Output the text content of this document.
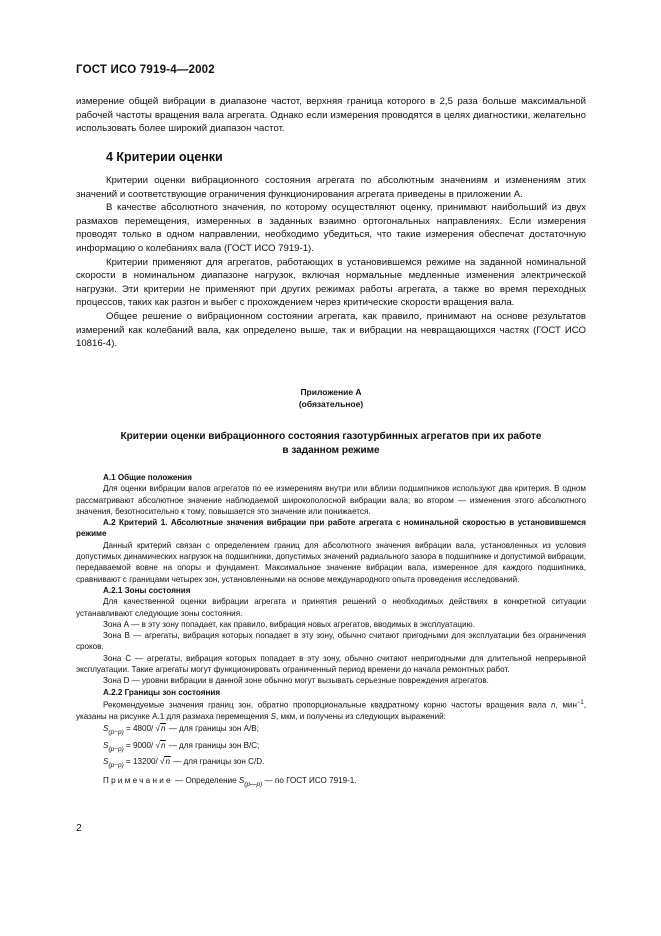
ГОСТ ИСО 7919-4—2002

измерение общей вибрации в диапазоне частот, верхняя граница которого в 2,5 раза больше максимальной рабочей частоты вращения вала агрегата. Однако если измерения проводятся в целях диагностики, желательно использовать более широкий диапазон частот.

4 Критерии оценки

Критерии оценки вибрационного состояния агрегата по абсолютным значениям и изменениям этих значений и соответствующие ограничения функционирования агрегата приведены в приложении А.

В качестве абсолютного значения, по которому осуществляют оценку, принимают наибольший из двух размахов перемещения, измеренных в заданных взаимно ортогональных направлениях. Если измерения проводят только в одном направлении, необходимо убедиться, что такие измерения обеспечат достаточную информацию о колебаниях вала (ГОСТ ИСО 7919-1).

Критерии применяют для агрегатов, работающих в установившемся режиме на заданной номинальной скорости в номинальном диапазоне нагрузок, включая нормальные медленные изменения электрической нагрузки. Эти критерии не применяют при других режимах работы агрегата, а также во время переходных процессов, таких как разгон и выбег с прохождением через критические скорости вращения вала.

Общее решение о вибрационном состоянии агрегата, как правило, принимают на основе результатов измерений как колебаний вала, как определено выше, так и вибрации на невращающихся частях (ГОСТ ИСО 10816-4).

Приложение А
(обязательное)
Критерии оценки вибрационного состояния газотурбинных агрегатов при их работе
в заданном режиме

А.1 Общие положения

Для оценки вибрации валов агрегатов по ее измерениям внутри или вблизи подшипников используют два критерия. В одном рассматривают абсолютное значение наблюдаемой широкополосной вибрации вала; во втором — изменения этого абсолютного значения, безотносительно к тому, повышается это значение или понижается.

А.2 Критерий 1. Абсолютные значения вибрации при работе агрегата с номинальной скоростью в установившемся режиме

Данный критерий связан с определением границ для абсолютного значения вибрации вала, установленных из условия допустимых динамических нагрузок на подшипники, допустимых значений радиального зазора в подшипнике и допустимой вибрации, передаваемой вовне на опоры и фундамент. Максимальное значение вибрации вала, измеренное для каждого подшипника, сравнивают с границами четырех зон, установленными на основе международного опыта проведения исследований.

А.2.1 Зоны состояния

Для качественной оценки вибрации агрегата и принятия решений о необходимых действиях в конкретной ситуации устанавливают следующие зоны состояния.

Зона А — в эту зону попадает, как правило, вибрация новых агрегатов, вводимых в эксплуатацию.

Зона В — агрегаты, вибрация которых попадает в эту зону, обычно считают пригодными для эксплуатации без ограничения сроков.

Зона С — агрегаты, вибрация которых попадает в эту зону, обычно считают непригодными для длительной непрерывной эксплуатации. Такие агрегаты могут функционировать ограниченный период времени до начала ремонтных работ.

Зона D — уровни вибрации в данной зоне обычно могут вызывать серьезные повреждения агрегатов.

А.2.2 Границы зон состояния

Рекомендуемые значения границ зон, обратно пропорциональные квадратному корню частоты вращения вала n, мин$^{-1}$, указаны на рисунке А.1 для размаха перемещения S, мкм, и получены из следующих выражений:

$S_{(p-p)} = 4800/$ √n — для границы зон А/В;

$S_{(p-p)} = 9000/$ √n — для границы зон В/С;

$S_{(p-p)} = 13200/$ √n — для границы зон С/D.

Примечание — Определение $S_{(p—p)}$ — по ГОСТ ИСО 7919-1.

2
